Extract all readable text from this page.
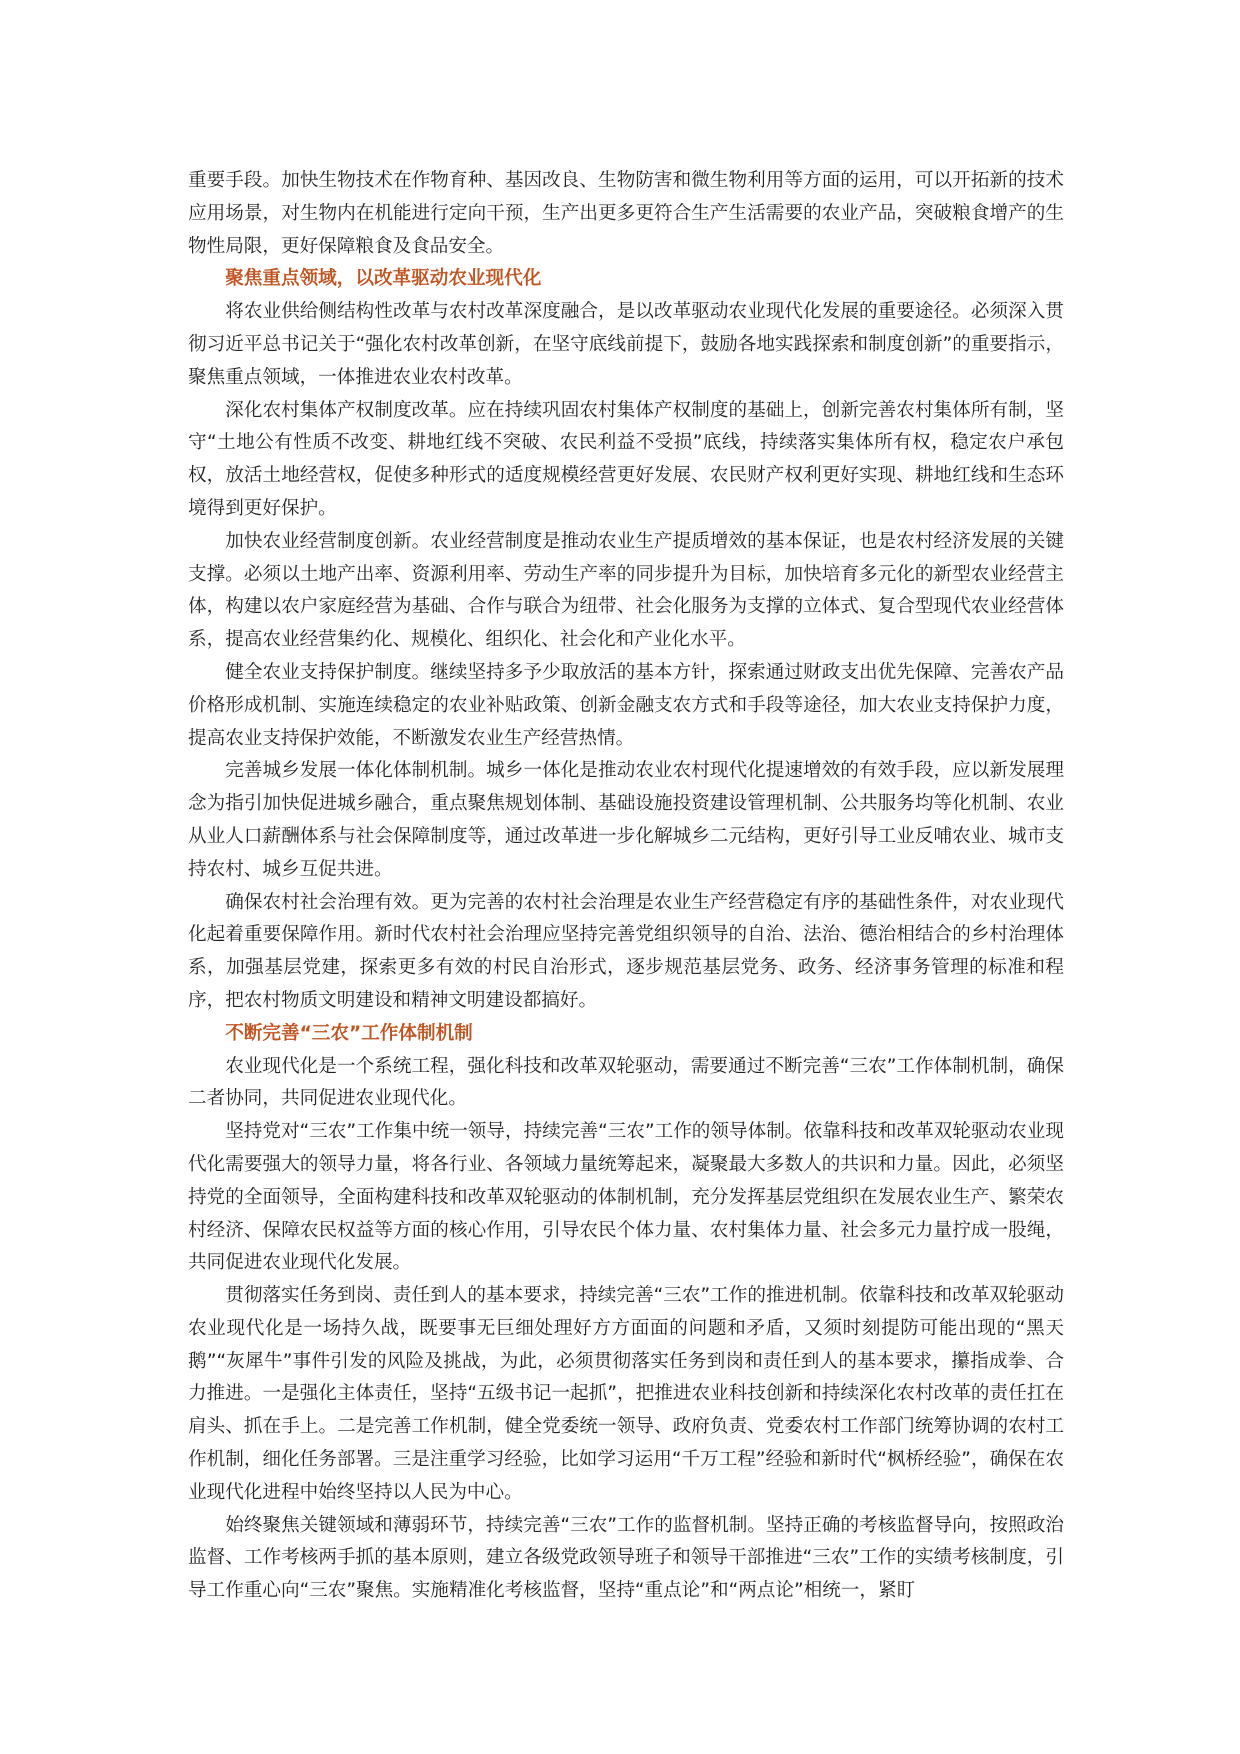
重要手段。加快生物技术在作物育种、基因改良、生物防害和微生物利用等方面的运用，可以开拓新的技术应用场景，对生物内在机能进行定向干预，生产出更多更符合生产生活需要的农业产品，突破粮食增产的生物性局限，更好保障粮食及食品安全。

聚焦重点领域，以改革驱动农业现代化

将农业供给侧结构性改革与农村改革深度融合，是以改革驱动农业现代化发展的重要途径。必须深入贯彻习近平总书记关于“强化农村改革创新，在坚守底线前提下，鼓励各地实践探索和制度创新”的重要指示，聚焦重点领域，一体推进农业农村改革。

深化农村集体产权制度改革。应在持续巩固农村集体产权制度的基础上，创新完善农村集体所有制，坚守“土地公有性质不改变、耕地红线不突破、农民利益不受损”底线，持续落实集体所有权，稳定农户承包权，放活土地经营权，促使多种形式的适度规模经营更好发展、农民财产权利更好实现、耕地红线和生态环境得到更好保护。

加快农业经营制度创新。农业经营制度是推动农业生产提质增效的基本保证，也是农村经济发展的关键支撑。必须以土地产出率、资源利用率、劳动生产率的同步提升为目标，加快培育多元化的新型农业经营主体，构建以农户家庭经营为基础、合作与联合为纽带、社会化服务为支撑的立体式、复合型现代农业经营体系，提高农业经营集约化、规模化、组织化、社会化和产业化水平。

健全农业支持保护制度。继续坚持多予少取放活的基本方针，探索通过财政支出优先保障、完善农产品价格形成机制、实施连续稳定的农业补贴政策、创新金融支农方式和手段等途径，加大农业支持保护力度，提高农业支持保护效能，不断激发农业生产经营热情。

完善城乡发展一体化体制机制。城乡一体化是推动农业农村现代化提速增效的有效手段，应以新发展理念为指引加快促进城乡融合，重点聚焦规划体制、基础设施投资建设管理机制、公共服务均等化机制、农业从业人口薪酬体系与社会保障制度等，通过改革进一步化解城乡二元结构，更好引导工业反哺农业、城市支持农村、城乡互促共进。

确保农村社会治理有效。更为完善的农村社会治理是农业生产经营稳定有序的基础性条件，对农业现代化起着重要保障作用。新时代农村社会治理应坚持完善党组织领导的自治、法治、德治相结合的乡村治理体系，加强基层党建，探索更多有效的村民自治形式，逐步规范基层党务、政务、经济事务管理的标准和程序，把农村物质文明建设和精神文明建设都搞好。

不断完善“三农”工作体制机制

农业现代化是一个系统工程，强化科技和改革双轮驱动，需要通过不断完善“三农”工作体制机制，确保二者协同，共同促进农业现代化。

坚持党对“三农”工作集中统一领导，持续完善“三农”工作的领导体制。依靠科技和改革双轮驱动农业现代化需要强大的领导力量，将各行业、各领域力量统筹起来，凝聚最大多数人的共识和力量。因此，必须坚持党的全面领导，全面构建科技和改革双轮驱动的体制机制，充分发挥基层党组织在发展农业生产、繁荣农村经济、保障农民权益等方面的核心作用，引导农民个体力量、农村集体力量、社会多元力量拧成一股绳，共同促进农业现代化发展。

贯彻落实任务到岗、责任到人的基本要求，持续完善“三农”工作的推进机制。依靠科技和改革双轮驱动农业现代化是一场持久战，既要事无巨细处理好方方面面的问题和矛盾，又须时刻提防可能出现的“黑天鹅”“灰犀牛”事件引发的风险及挑战，为此，必须贯彻落实任务到岗和责任到人的基本要求，攥指成拳、合力推进。一是强化主体责任，坚持“五级书记一起抓”，把推进农业科技创新和持续深化农村改革的责任扛在肩头、抓在手上。二是完善工作机制，健全党委统一领导、政府负责、党委农村工作部门统筹协调的农村工作机制，细化任务部署。三是注重学习经验，比如学习运用“千万工程”经验和新时代“枫桥经验”，确保在农业现代化进程中始终坚持以人民为中心。

始终聚焦关键领域和薄弱环节，持续完善“三农”工作的监督机制。坚持正确的考核监督导向，按照政治监督、工作考核两手抓的基本原则，建立各级党政领导班子和领导干部推进“三农”工作的实绩考核制度，引导工作重心向“三农”聚焦。实施精准化考核监督，坚持“重点论”和“两点论”相统一，紧盯
